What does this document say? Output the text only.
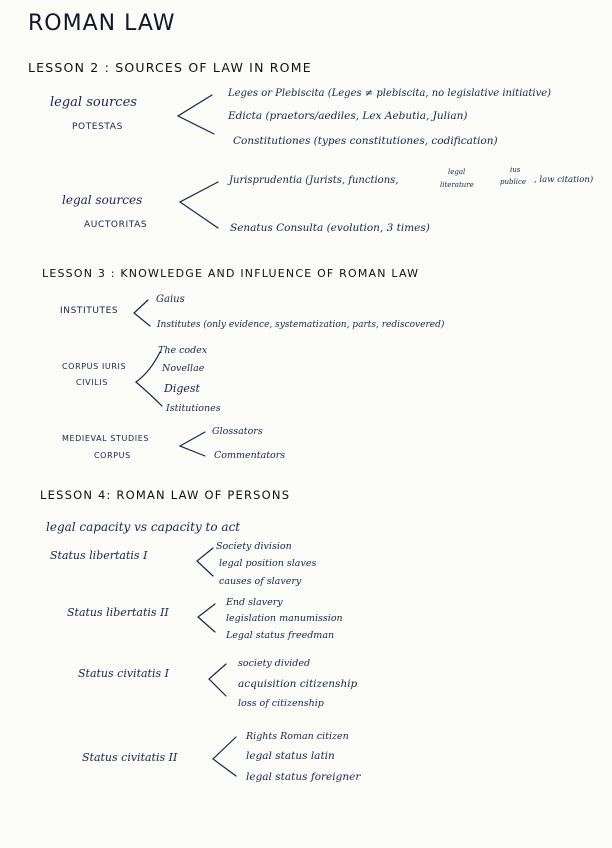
ROMAN LAW
LESSON 2 : SOURCES OF LAW IN ROME
legal sources
POTESTAS
Leges or Plebiscita (Leges ≠ plebiscita, no legislative initiative)
Edicta (praetors/aediles, Lex Aebutia, Julian)
Constitutiones (types constitutiones, codification)
legal sources
AUCTORITAS
Jurisprudentia (Jurists, functions,
legal
literature
ius
publice , law citation)
Senatus Consulta (evolution, 3 times)
LESSON 3 : KNOWLEDGE AND INFLUENCE OF ROMAN LAW
INSTITUTES
Gaius
Institutes (only evidence, systematization, parts, rediscovered)
CORPUS IURIS
CIVILIS
The codex
Novellae
Digest
Istitutiones
MEDIEVAL STUDIES
CORPUS
Glossators
Commentators
LESSON 4: ROMAN LAW OF PERSONS
legal capacity vs capacity to act
Status libertatis I
Society division
legal position slaves
causes of slavery
Status libertatis II
End slavery
legislation manumission
Legal status freedman
Status civitatis I
society divided
acquisition citizenship
loss of citizenship
Status civitatis II
Rights Roman citizen
legal status latin
legal status foreigner
